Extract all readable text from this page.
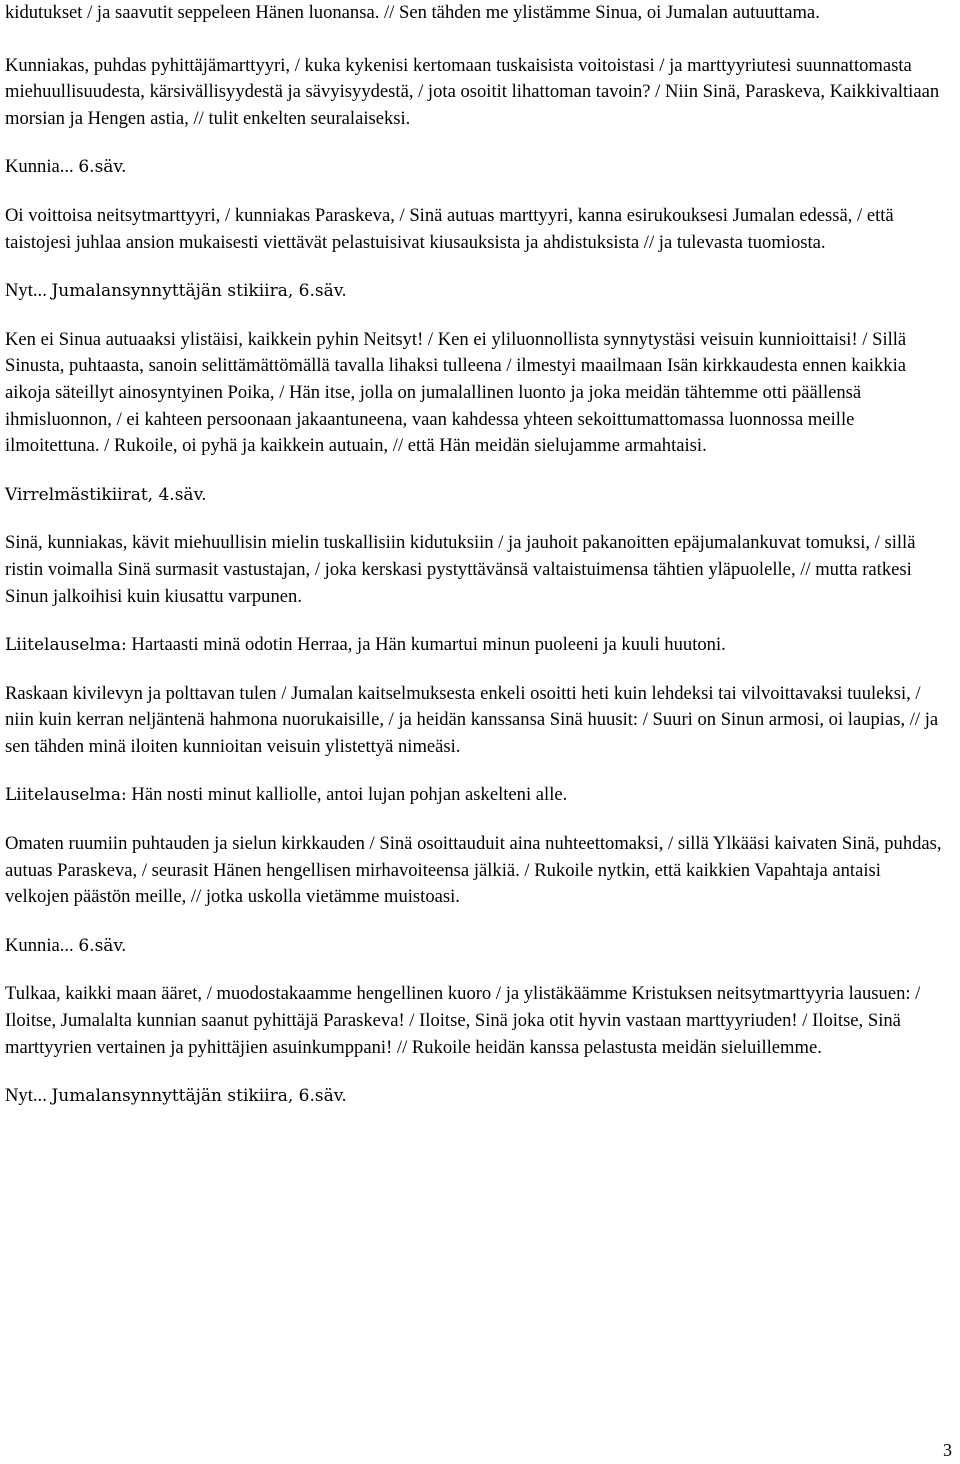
kidutukset / ja saavutit seppeleen Hänen luonansa. // Sen tähden me ylistämme Sinua, oi Jumalan autuuttama.

Kunniakas, puhdas pyhittäjämarttyyri, / kuka kykenisi kertomaan tuskaisista voitoistasi / ja marttyyriutesi suunnattomasta miehuullisuudesta, kärsivällisyydestä ja sävyisyydestä, / jota osoitit lihattoman tavoin? / Niin Sinä, Paraskeva, Kaikkivaltiaan morsian ja Hengen astia, // tulit enkelten seuralaiseksi.

Kunnia... 6.säv.

Oi voittoisa neitsytmarttyyri, / kunniakas Paraskeva, / Sinä autuas marttyyri, kanna esirukouksesi Jumalan edessä, / että taistojesi juhlaa ansion mukaisesti viettävät pelastuisivat kiusauksista ja ahdistuksista // ja tulevasta tuomiosta.

Nyt... Jumalansynnyttäjän stikiira, 6.säv.

Ken ei Sinua autuaaksi ylistäisi, kaikkein pyhin Neitsyt! / Ken ei yliluonnollista synnytystäsi veisuin kunnioittaisi! / Sillä Sinusta, puhtaasta, sanoin selittämättömällä tavalla lihaksi tulleena / ilmestyi maailmaan Isän kirkkaudesta ennen kaikkia aikoja säteillyt ainosyntyinen Poika, / Hän itse, jolla on jumalallinen luonto ja joka meidän tähtemme otti päällensä ihmisluonnon, / ei kahteen persoonaan jakaantuneena, vaan kahdessa yhteen sekoittumattomassa luonnossa meille ilmoitettuna. / Rukoile, oi pyhä ja kaikkein autuain, // että Hän meidän sielujamme armahtaisi.

Virrelmästikiirat, 4.säv.

Sinä, kunniakas, kävit miehuullisin mielin tuskallisiin kidutuksiin / ja jauhoit pakanoitten epäjumalankuvat tomuksi, / sillä ristin voimalla Sinä surmasit vastustajan, / joka kerskasi pystyttävänsä valtaistuimensa tähtien yläpuolelle, // mutta ratkesi Sinun jalkoihisi kuin kiusattu varpunen.

Liitelauselma: Hartaasti minä odotin Herraa, ja Hän kumartui minun puoleeni ja kuuli huutoni.

Raskaan kivilevyn ja polttavan tulen / Jumalan kaitselmuksesta enkeli osoitti heti kuin lehdeksi tai vilvoittavaksi tuuleksi, / niin kuin kerran neljäntenä hahmona nuorukaisille, / ja heidän kanssansa Sinä huusit: / Suuri on Sinun armosi, oi laupias, // ja sen tähden minä iloiten kunnioitan veisuin ylistettyä nimeäsi.

Liitelauselma: Hän nosti minut kalliolle, antoi lujan pohjan askelteni alle.

Omaten ruumiin puhtauden ja sielun kirkkauden / Sinä osoittauduit aina nuhteettomaksi, / sillä Ylkääsi kaivaten Sinä, puhdas, autuas Paraskeva, / seurasit Hänen hengellisen mirhavoiteensa jälkiä. / Rukoile nytkin, että kaikkien Vapahtaja antaisi velkojen päästön meille, // jotka uskolla vietämme muistoasi.

Kunnia... 6.säv.

Tulkaa, kaikki maan ääret, / muodostakaamme hengellinen kuoro / ja ylistäkäämme Kristuksen neitsytmarttyyria lausuen: / Iloitse, Jumalalta kunnian saanut pyhittäjä Paraskeva! / Iloitse, Sinä joka otit hyvin vastaan marttyyriuden! / Iloitse, Sinä marttyyrien vertainen ja pyhittäjien asuinkumppani! // Rukoile heidän kanssa pelastusta meidän sieluillemme.

Nyt... Jumalansynnyttäjän stikiira, 6.säv.

3
